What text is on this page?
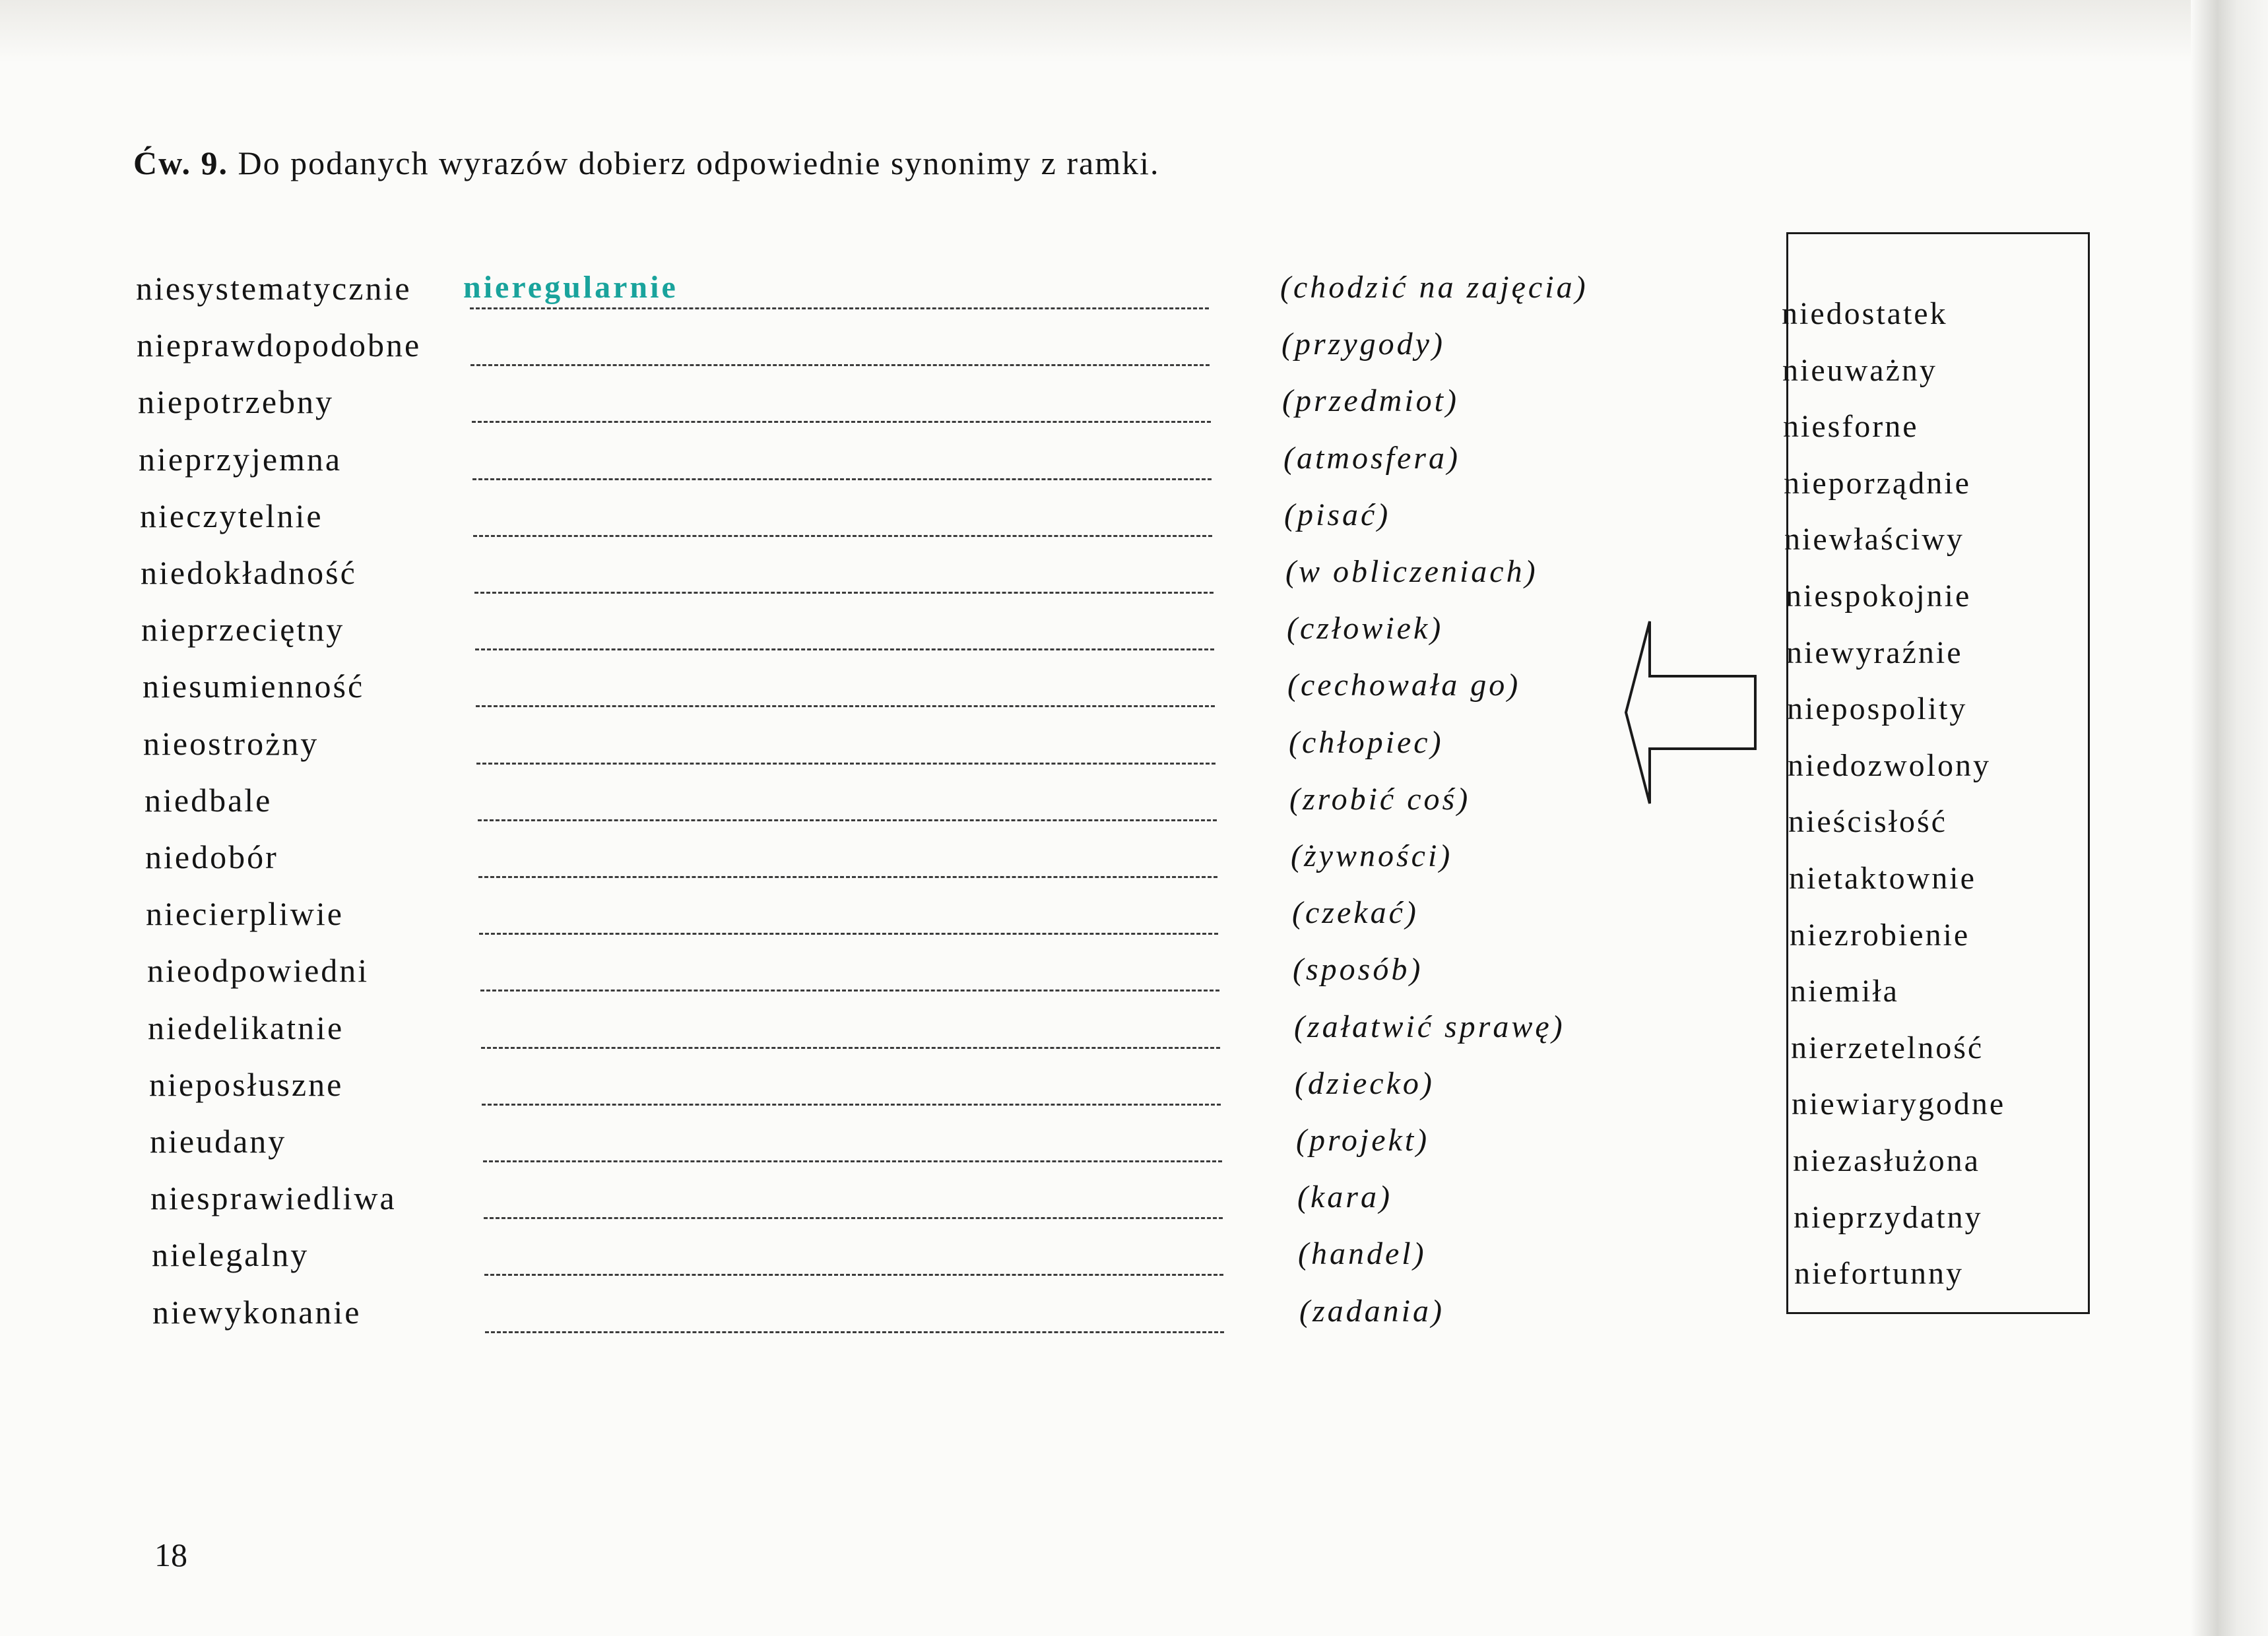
Ćw. 9. Do podanych wyrazów dobierz odpowiednie synonimy z ramki.
niesystematycznie nieregularnie	(chodzić na zajęcia)
nieprawdopodobne	(przygody)
niepotrzebny	(przedmiot)
nieprzyjemna	(atmosfera)
nieczytelnie	(pisać)
niedokładność	(w obliczeniach)
nieprzeciętny	(człowiek)
niesumienność	(cechowała go)
nieostrożny	(chłopiec)
niedbale	(zrobić coś)
niedobór	(żywności)
niecierpliwie	(czekać)
nieodpowiedni	(sposób)
niedelikatnie	(załatwić sprawę)
nieposłuszne	(dziecko)
nieudany	(projekt)
niesprawiedliwa	(kara)
nielegalny	(handel)
niewykonanie	(zadania)
niedostatek
nieuważny
niesforne
nieporządnie
niewłaściwy
niespokojnie
niewyraźnie
niepospolity
niedozwolony
nieścisłość
nietaktownie
niezrobienie
niemiła
nierzetelność
niewiarygodne
niezasłużona
nieprzydatny
niefortunny
18
